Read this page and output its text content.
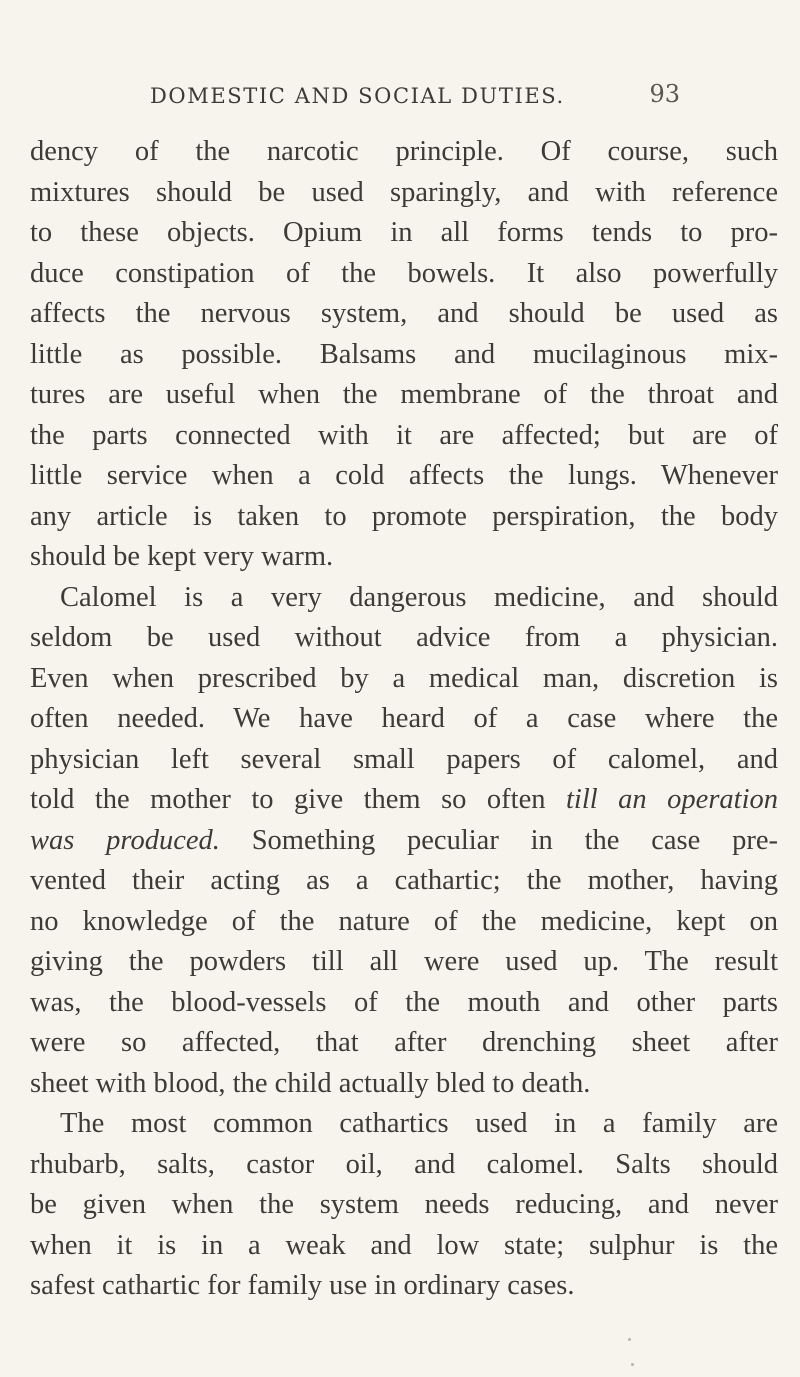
DOMESTIC AND SOCIAL DUTIES.	93
dency of the narcotic principle. Of course, such
mixtures should be used sparingly, and with reference
to these objects. Opium in all forms tends to pro-
duce constipation of the bowels. It also powerfully
affects the nervous system, and should be used as
little as possible. Balsams and mucilaginous mix-
tures are useful when the membrane of the throat and
the parts connected with it are affected; but are of
little service when a cold affects the lungs. Whenever
any article is taken to promote perspiration, the body
should be kept very warm.
Calomel is a very dangerous medicine, and should
seldom be used without advice from a physician.
Even when prescribed by a medical man, discretion is
often needed. We have heard of a case where the
physician left several small papers of calomel, and
told the mother to give them so often till an operation
was produced. Something peculiar in the case pre-
vented their acting as a cathartic; the mother, having
no knowledge of the nature of the medicine, kept on
giving the powders till all were used up. The result
was, the blood-vessels of the mouth and other parts
were so affected, that after drenching sheet after
sheet with blood, the child actually bled to death.
The most common cathartics used in a family are
rhubarb, salts, castor oil, and calomel. Salts should
be given when the system needs reducing, and never
when it is in a weak and low state; sulphur is the
safest cathartic for family use in ordinary cases.
